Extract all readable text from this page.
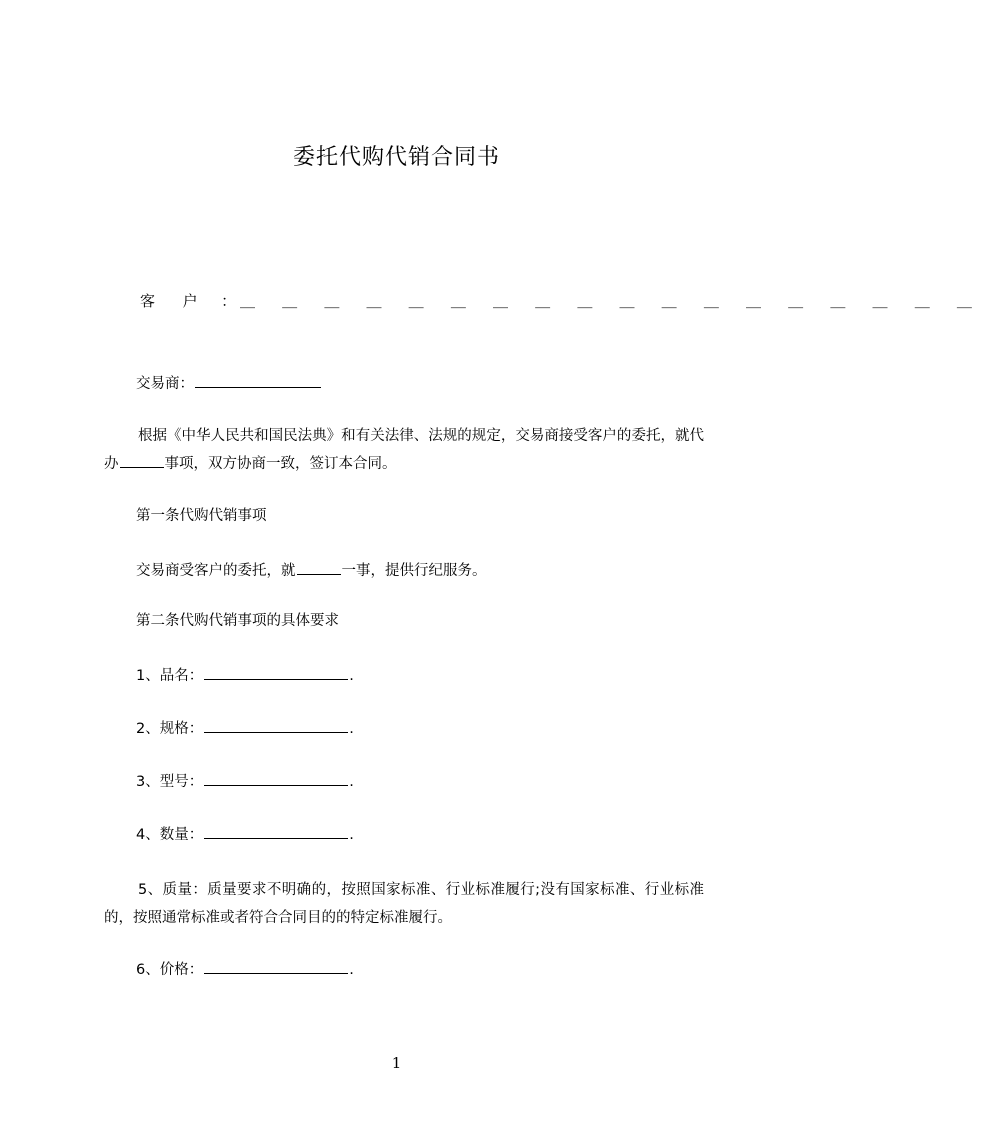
委托代购代销合同书
客 户 ： ＿ ＿ ＿ ＿ ＿ ＿ ＿ ＿ ＿ ＿ ＿ ＿ ＿ ＿ ＿ ＿ ＿ ＿
交易商：
根据《中华人民共和国民法典》和有关法律、法规的规定，交易商接受客户的委托，就代办	事项，双方协商一致，签订本合同。
第一条代购代销事项
交易商受客户的委托，就	一事，提供行纪服务。
第二条代购代销事项的具体要求
1、品名：	.
2、规格：	.
3、型号：	.
4、数量：	.
5、质量：质量要求不明确的，按照国家标准、行业标准履行;没有国家标准、行业标准的，按照通常标准或者符合合同目的的特定标准履行。
6、价格：	.
1
